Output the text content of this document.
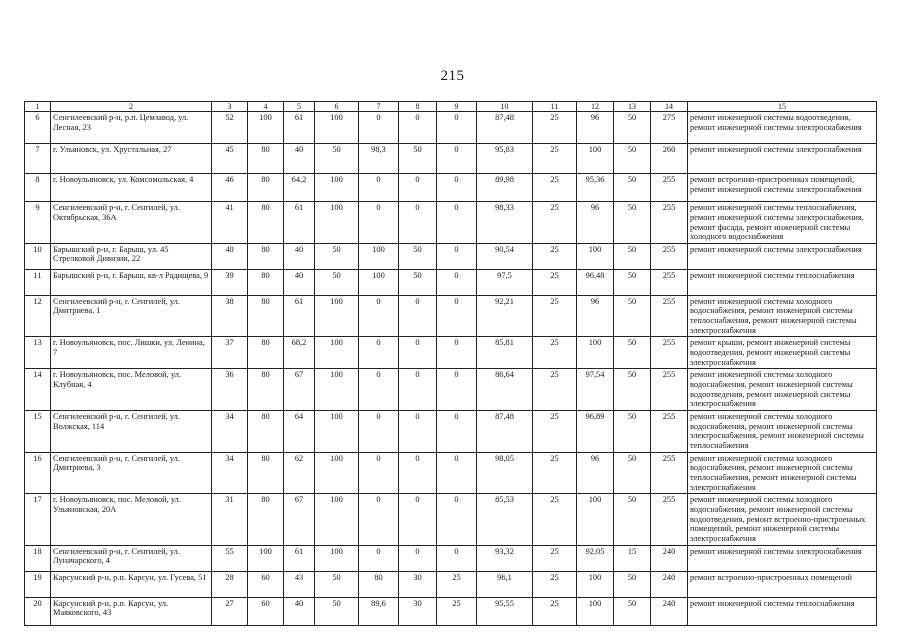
215
1	2	3	4	5	6	7	8	9	10	11	12	13	14	15
6	Сенгилеевский р-н, р.п. Цемзавод, ул. Лесная, 23	52	100	61	100	0	0	0	87,48	25	96	50	275	ремонт инженерной системы водоотведения, ремонт инженерной системы электроснабжения
7	г. Ульяновск, ул. Хрустальная, 27	45	80	40	50	98,3	50	0	95,83	25	100	50	260	ремонт инженерной системы электроснабжения
8	г. Новоульяновск, ул. Комсомольская, 4	46	80	64,2	100	0	0	0	89,98	25	95,36	50	255	ремонт встроенно-пристроенных помещений, ремонт инженерной системы электроснабжения
9	Сенгилеевский р-н, г. Сенгилей, ул. Октябрьская, 36А	41	80	61	100	0	0	0	98,33	25	96	50	255	ремонт инженерной системы теплоснабжения, ремонт инженерной системы электроснабжения, ремонт фасада, ремонт инженерной системы холодного водоснабжения
10	Барышский р-н, г. Барыш, ул. 45 Стрелковой Дивизии, 22	40	80	40	50	100	50	0	90,54	25	100	50	255	ремонт инженерной системы электроснабжения
11	Барышский р-н, г. Барыш, кв-л Радищева, 9	39	80	40	50	100	50	0	97,5	25	96,48	50	255	ремонт инженерной системы теплоснабжения
12	Сенгилеевский р-н, г. Сенгилей, ул. Дмитриева, 1	38	80	61	100	0	0	0	92,21	25	96	50	255	ремонт инженерной системы холодного водоснабжения, ремонт инженерной системы теплоснабжения, ремонт инженерной системы электроснабжения
13	г. Новоульяновск, пос. Лишки, ул. Ленина, 7	37	80	68,2	100	0	0	0	85,81	25	100	50	255	ремонт крыши, ремонт инженерной системы водоотведения, ремонт инженерной системы электроснабжения
14	г. Новоульяновск, пос. Меловой, ул. Клубная, 4	36	80	67	100	0	0	0	86,64	25	97,54	50	255	ремонт инженерной системы холодного водоснабжения, ремонт инженерной системы водоотведения, ремонт инженерной системы электроснабжения
15	Сенгилеевский р-н, г. Сенгилей, ул. Волжская, 114	34	80	64	100	0	0	0	87,48	25	96,89	50	255	ремонт инженерной системы холодного водоснабжения, ремонт инженерной системы электроснабжения, ремонт инженерной системы теплоснабжения
16	Сенгилеевский р-н, г. Сенгилей, ул. Дмитриева, 3	34	80	62	100	0	0	0	98,05	25	96	50	255	ремонт инженерной системы холодного водоснабжения, ремонт инженерной системы теплоснабжения, ремонт инженерной системы электроснабжения
17	г. Новоульяновск, пос. Меловой, ул. Ульяновская, 20А	31	80	67	100	0	0	0	85,53	25	100	50	255	ремонт инженерной системы холодного водоснабжения, ремонт инженерной системы водоотведения, ремонт встроенно-пристроенных помещений, ремонт инженерной системы электроснабжения
18	Сенгилеевский р-н, г. Сенгилей, ул. Луначарского, 4	55	100	61	100	0	0	0	93,32	25	92,05	15	240	ремонт инженерной системы электроснабжения
19	Карсунский р-н, р.п. Карсун, ул. Гусева, 51	28	60	43	50	80	30	25	96,1	25	100	50	240	ремонт встроенно-пристроенных помещений
20	Карсунский р-н, р.п. Карсун, ул. Маяковского, 43	27	60	40	50	89,6	30	25	95,55	25	100	50	240	ремонт инженерной системы теплоснабжения
